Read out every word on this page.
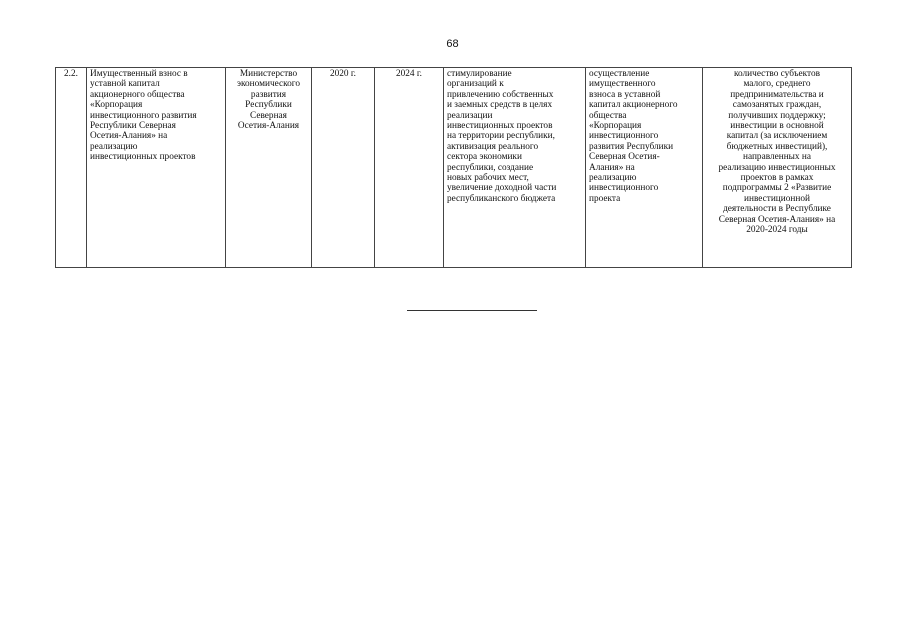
68
2.2.	Имущественный взнос в
уставной капитал
акционерного общества
«Корпорация
инвестиционного развития
Республики Северная
Осетия-Алания» на
реализацию
инвестиционных проектов	Министерство
экономического
развития
Республики
Северная
Осетия-Алания	2020 г.	2024 г.	стимулирование
организаций к
привлечению собственных
и заемных средств в целях
реализации
инвестиционных проектов
на территории республики,
активизация реального
сектора экономики
республики, создание
новых рабочих мест,
увеличение доходной части
республиканского бюджета	осуществление
имущественного
взноса в уставной
капитал акционерного
общества
«Корпорация
инвестиционного
развития Республики
Северная Осетия-
Алания» на
реализацию
инвестиционного
проекта	количество субъектов
малого, среднего
предпринимательства и
самозанятых граждан,
получивших поддержку;
инвестиции в основной
капитал (за исключением
бюджетных инвестиций),
направленных на
реализацию инвестиционных
проектов в рамках
подпрограммы 2 «Развитие
инвестиционной
деятельности в Республике
Северная Осетия-Алания» на
2020-2024 годы
